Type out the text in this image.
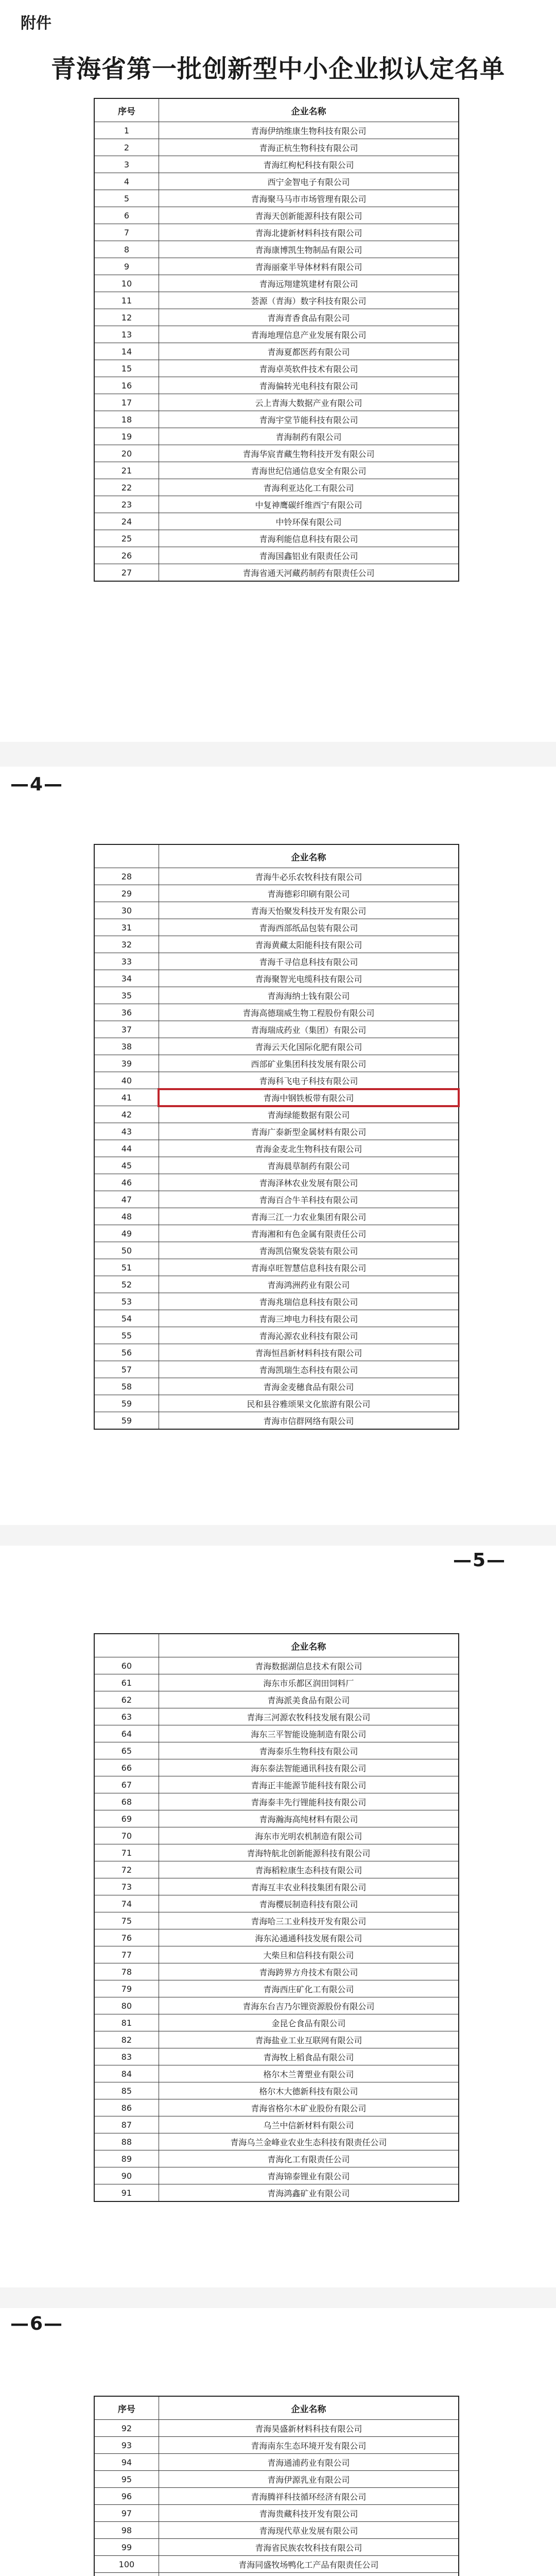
附件
青海省第一批创新型中小企业拟认定名单
序号	企业名称
1	青海伊纳维康生物科技有限公司
2	青海正杭生物科技有限公司
3	青海红枸杞科技有限公司
4	西宁金智电子有限公司
5	青海聚马马市市场管理有限公司
6	青海天创新能源科技有限公司
7	青海北捷新材料科技有限公司
8	青海康博凯生物制品有限公司
9	青海丽豪半导体材料有限公司
10	青海远翔建筑建材有限公司
11	荟源（青海）数字科技有限公司
12	青海青香食品有限公司
13	青海地理信息产业发展有限公司
14	青海夏都医药有限公司
15	青海卓英软件技术有限公司
16	青海偏转光电科技有限公司
17	云上青海大数据产业有限公司
18	青海宇堂节能科技有限公司
19	青海制药有限公司
20	青海华宸青藏生物科技开发有限公司
21	青海世纪信通信息安全有限公司
22	青海利亚达化工有限公司
23	中复神鹰碳纤维西宁有限公司
24	中铃环保有限公司
25	青海利能信息科技有限公司
26	青海国鑫铝业有限责任公司
27	青海省通天河藏药制药有限责任公司
—4—
	企业名称
28	青海牛必乐农牧科技有限公司
29	青海德彩印刷有限公司
30	青海天怡聚发科技开发有限公司
31	青海西部纸品包装有限公司
32	青海黄藏太阳能科技有限公司
33	青海千寻信息科技有限公司
34	青海聚智光电缆科技有限公司
35	青海海纳士钱有限公司
36	青海高德瑞威生物工程股份有限公司
37	青海瑞成药业（集团）有限公司
38	青海云天化国际化肥有限公司
39	西部矿业集团科技发展有限公司
40	青海科飞电子科技有限公司
41	青海中钢铁板带有限公司
42	青海绿能数据有限公司
43	青海广泰新型金属材料有限公司
44	青海金麦北生物科技有限公司
45	青海晨草制药有限公司
46	青海泽林农业发展有限公司
47	青海百合牛羊科技有限公司
48	青海三江一力农业集团有限公司
49	青海湘和有色金属有限责任公司
50	青海凯信聚发袋装有限公司
51	青海卓旺智慧信息科技有限公司
52	青海鸿洲药业有限公司
53	青海兆瑞信息科技有限公司
54	青海三坤电力科技有限公司
55	青海沁源农业科技有限公司
56	青海恒昌新材料科技有限公司
57	青海凯瑞生态科技有限公司
58	青海金麦穗食品有限公司
59	民和县谷雅颂果文化旅游有限公司
59	青海市信群网络有限公司
—5—
	企业名称
60	青海数据湖信息技术有限公司
61	海东市乐都区润田饲料厂
62	青海派美食品有限公司
63	青海三河源农牧科技发展有限公司
64	海东三平智能设施制造有限公司
65	青海泰乐生物科技有限公司
66	海东泰法智能通讯科技有限公司
67	青海正丰能源节能科技有限公司
68	青海泰丰先行锂能科技有限公司
69	青海瀚海高纯材料有限公司
70	海东市光明农机制造有限公司
71	青海特航北创新能源科技有限公司
72	青海稻粒康生态科技有限公司
73	青海互丰农业科技集团有限公司
74	青海樱辰制造科技有限公司
75	青海哈三工业科技开发有限公司
76	海东沁通通科技发展有限公司
77	大柴旦和信科技有限公司
78	青海跨界方舟技术有限公司
79	青海西庄矿化工有限公司
80	青海东台吉乃尔锂资源股份有限公司
81	金昆仑食品有限公司
82	青海盐业工业互联网有限公司
83	青海牧上稻食品有限公司
84	格尔木兰菁塑业有限公司
85	格尔木大德新科技有限公司
86	青海省格尔木矿业股份有限公司
87	乌兰中信新材料有限公司
88	青海乌兰金峰业农业生态科技有限责任公司
89	青海化工有限责任公司
90	青海锦泰锂业有限公司
91	青海鸿鑫矿业有限公司
—6—
序号	企业名称
92	青海昊盛新材料科技有限公司
93	青海南东生态环境开发有限公司
94	青海通浦药业有限公司
95	青海伊源乳业有限公司
96	青海腾祥科技循环经济有限公司
97	青海贵藏科技开发有限公司
98	青海现代草业发展有限公司
99	青海省民族农牧科技有限公司
100	青海同盛牧场鸭化工产品有限责任公司
